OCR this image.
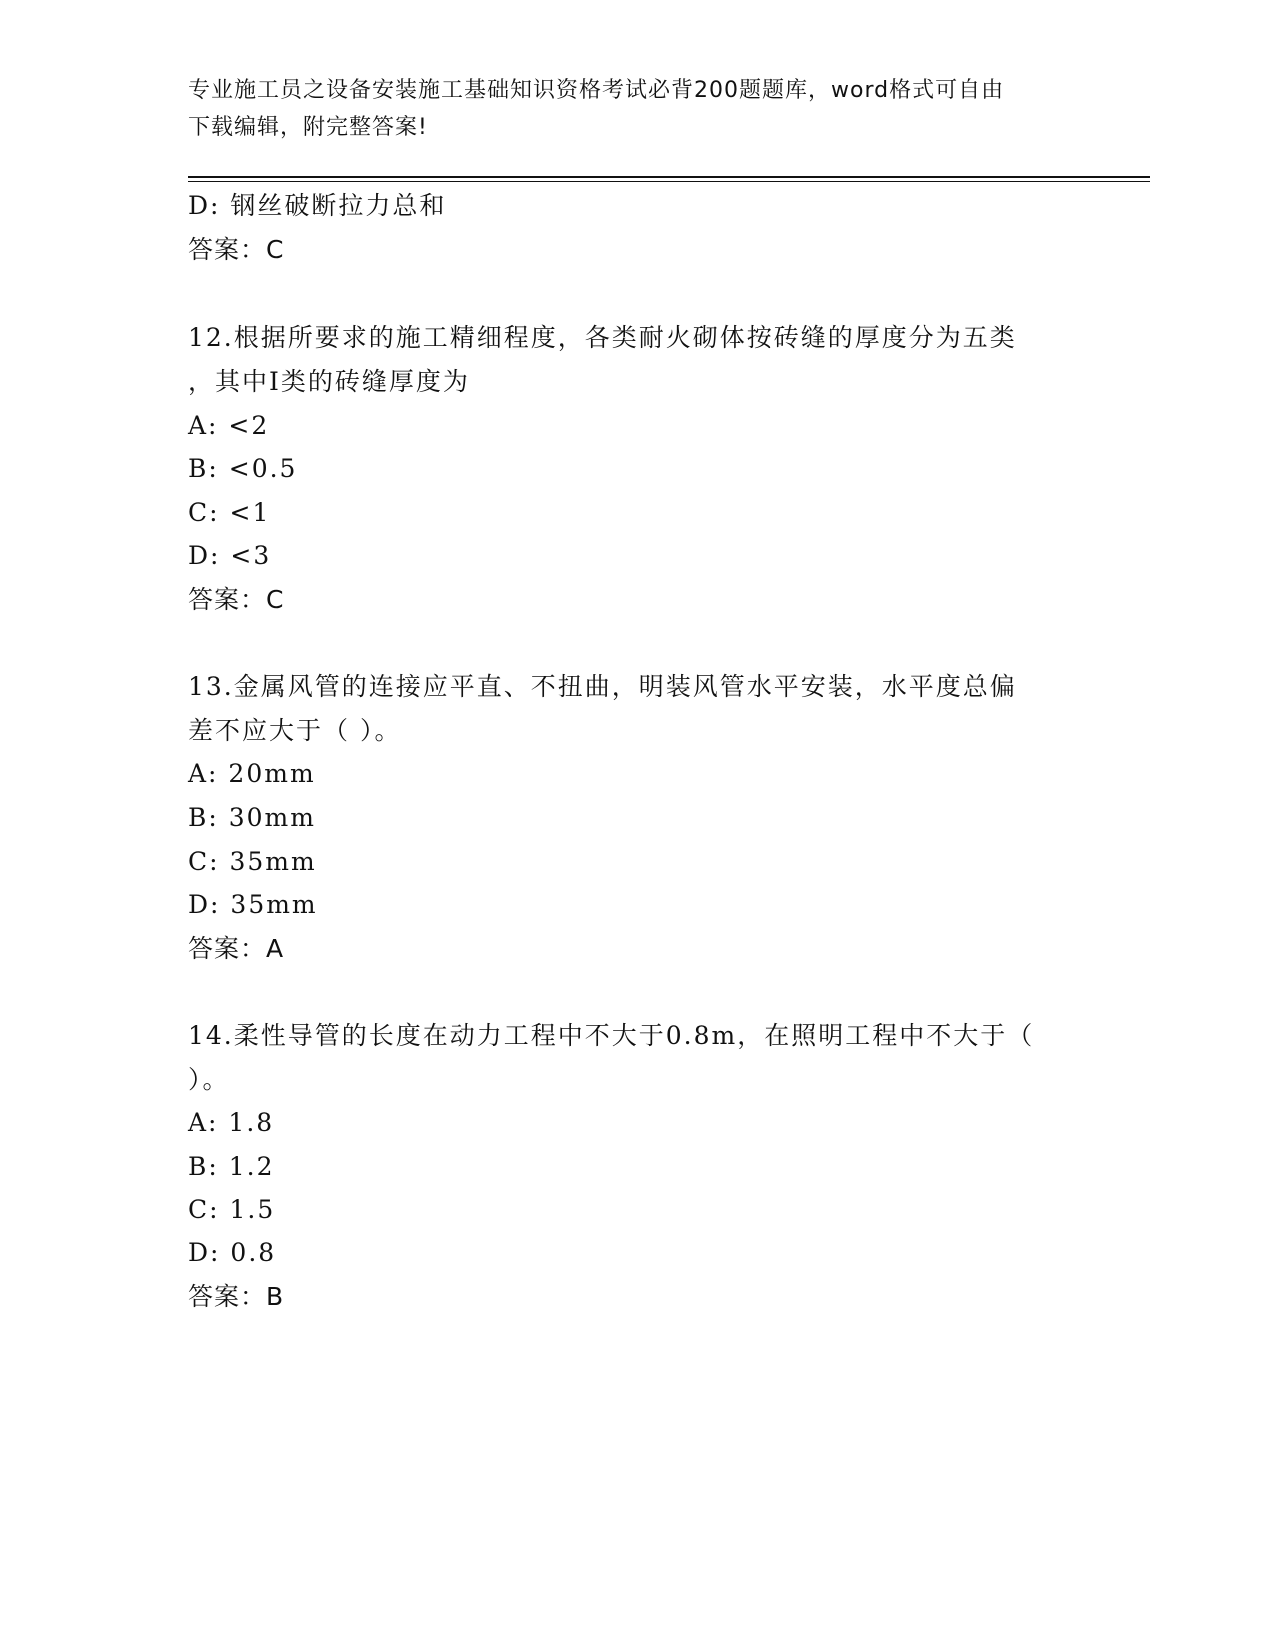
专业施工员之设备安装施工基础知识资格考试必背200题题库，word格式可自由
下载编辑，附完整答案!
D: 钢丝破断拉力总和
答案：C
12.根据所要求的施工精细程度，各类耐火砌体按砖缝的厚度分为五类
，其中Ⅰ类的砖缝厚度为
A: <2
B: <0.5
C: <1
D: <3
答案：C
13.金属风管的连接应平直、不扭曲，明装风管水平安装，水平度总偏
差不应大于（ ）。
A: 20mm
B: 30mm
C: 35mm
D: 35mm
答案：A
14.柔性导管的长度在动力工程中不大于0.8m，在照明工程中不大于（
）。
A: 1.8
B: 1.2
C: 1.5
D: 0.8
答案：B
